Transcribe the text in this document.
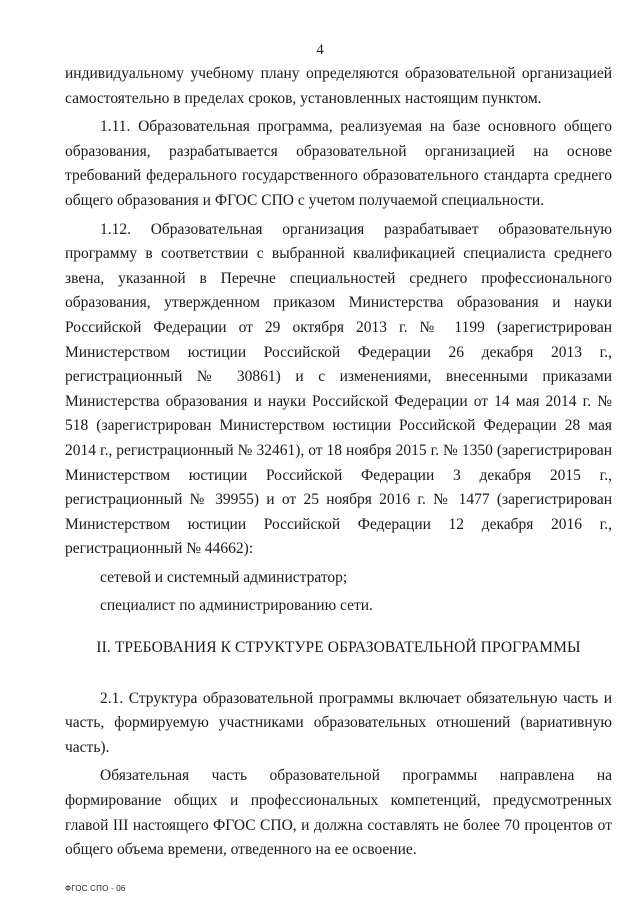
4

индивидуальному учебному плану определяются образовательной организацией самостоятельно в пределах сроков, установленных настоящим пунктом.

1.11. Образовательная программа, реализуемая на базе основного общего образования, разрабатывается образовательной организацией на основе требований федерального государственного образовательного стандарта среднего общего образования и ФГОС СПО с учетом получаемой специальности.

1.12. Образовательная организация разрабатывает образовательную программу в соответствии с выбранной квалификацией специалиста среднего звена, указанной в Перечне специальностей среднего профессионального образования, утвержденном приказом Министерства образования и науки Российской Федерации от 29 октября 2013 г. № 1199 (зарегистрирован Министерством юстиции Российской Федерации 26 декабря 2013 г., регистрационный № 30861) и с изменениями, внесенными приказами Министерства образования и науки Российской Федерации от 14 мая 2014 г. № 518 (зарегистрирован Министерством юстиции Российской Федерации 28 мая 2014 г., регистрационный № 32461), от 18 ноября 2015 г. № 1350 (зарегистрирован Министерством юстиции Российской Федерации 3 декабря 2015 г., регистрационный № 39955) и от 25 ноября 2016 г. № 1477 (зарегистрирован Министерством юстиции Российской Федерации 12 декабря 2016 г., регистрационный № 44662):

сетевой и системный администратор;

специалист по администрированию сети.

II. ТРЕБОВАНИЯ К СТРУКТУРЕ ОБРАЗОВАТЕЛЬНОЙ ПРОГРАММЫ

2.1. Структура образовательной программы включает обязательную часть и часть, формируемую участниками образовательных отношений (вариативную часть).

Обязательная часть образовательной программы направлена на формирование общих и профессиональных компетенций, предусмотренных главой III настоящего ФГОС СПО, и должна составлять не более 70 процентов от общего объема времени, отведенного на ее освоение.

ФГОС СПО - 06
